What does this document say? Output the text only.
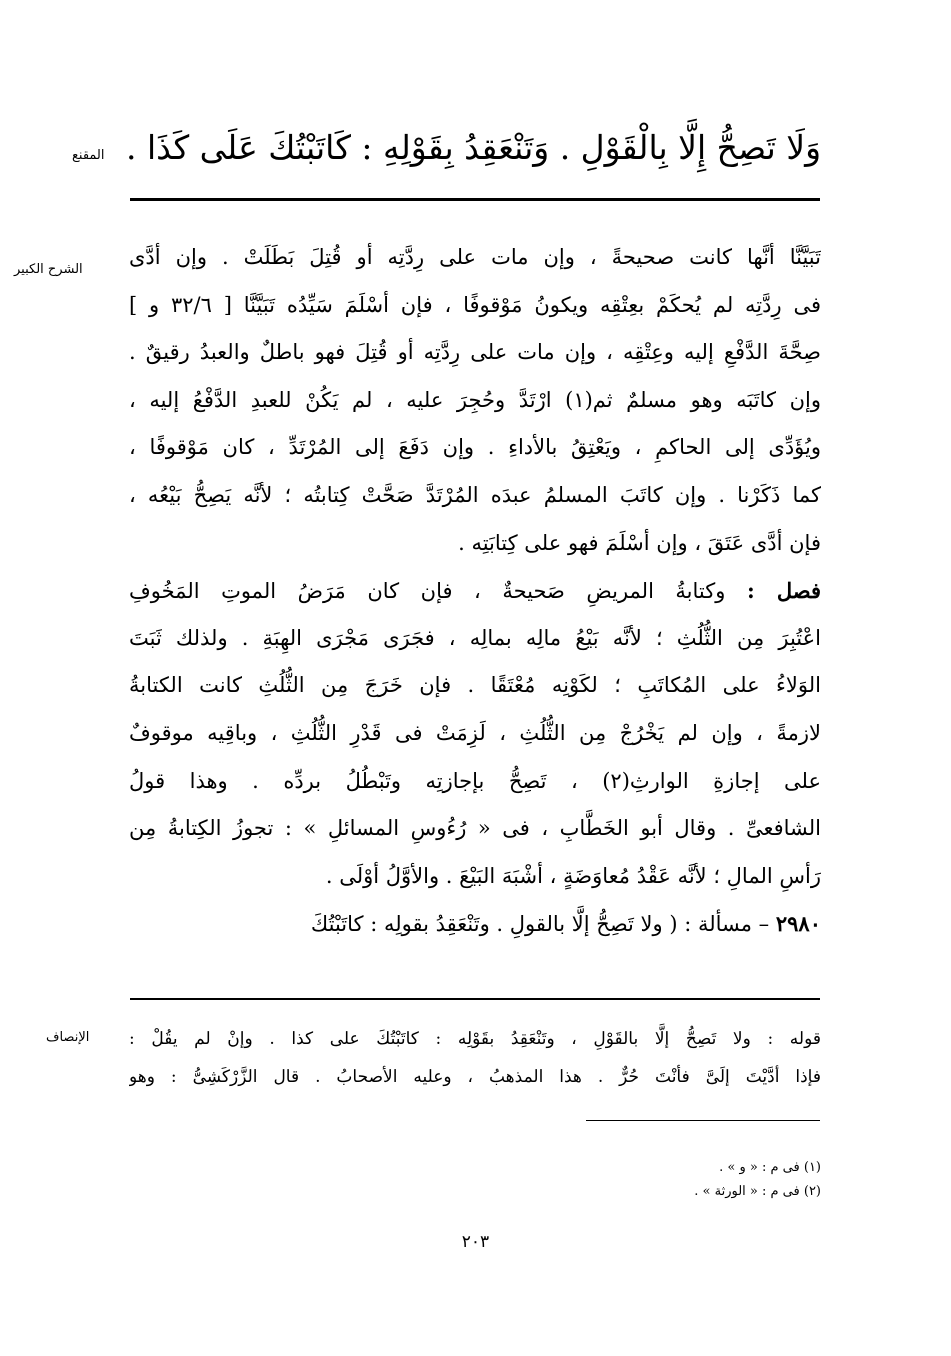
المقنع
الشرح الكبير
الإنصاف
وَلَا تَصِحُّ إِلَّا بِالْقَوْلِ . وَتَنْعَقِدُ بِقَوْلِهِ : كَاتَبْتُكَ عَلَى كَذَا .
تَبَيَّنَّا أنَّها كانت صحيحةً ، وإن مات على رِدَّتِه أو قُتِلَ بَطَلَتْ . وإن أدَّى
فى رِدَّتِه لم يُحكَمْ بعِتْقِه ويكونُ مَوْقوفًا ، فإن أسْلَمَ سَيِّدُه تَبَيَّنَّا [ ٣٢/٦ و ]
صِحَّةَ الدَّفْعِ إليه وعِتْقِه ، وإن مات على رِدَّتِه أو قُتِلَ فهو باطلٌ والعبدُ رقيقٌ .
وإن كاتَبَه وهو مسلمٌ ثم(١) ارْتَدَّ وحُجِرَ عليه ، لم يَكُنْ للعبدِ الدَّفْعُ إليه ،
ويُؤَدِّى إلى الحاكمِ ، ويَعْتِقُ بالأداءِ . وإن دَفَعَ إلى المُرْتَدِّ ، كان مَوْقوفًا ،
كما ذَكَرْنا . وإن كاتَبَ المسلمُ عبدَه المُرْتَدَّ صَحَّتْ كِتابتُه ؛ لأنَّه يَصِحُّ بَيْعُه ،
فإن أدَّى عَتَقَ ، وإن أسْلَمَ فهو على كِتابَتِه .
فصل : وكتابةُ المريضِ صَحيحةٌ ، فإن كان مَرَضُ الموتِ المَخُوفِ
اعْتُبِرَ مِن الثُّلُثِ ؛ لأنَّه بَيْعُ مالِه بمالِه ، فجَرَى مَجْرَى الهِبَةِ . ولذلك ثَبَتَ
الوَلاءُ على المُكاتَبِ ؛ لكَوْنِه مُعْتَقًا . فإن خَرَجَ مِن الثُّلُثِ كانت الكتابةُ
لازمةً ، وإن لم يَخْرُجْ مِن الثُّلُثِ ، لَزِمَتْ فى قَدْرِ الثُّلُثِ ، وباقِيه موقوفٌ
على إجازةِ الوارثِ(٢) ، تَصِحُّ بإجازتِه وتَبْطُلُ بردِّه . وهذا قولُ
الشافعىِّ . وقال أبو الخَطَّابِ ، فى « رُءُوسِ المسائلِ » : تجوزُ الكِتابةُ مِن
رَأسِ المالِ ؛ لأنَّه عَقْدُ مُعاوَضَةٍ ، أشْبَهَ البَيْعَ . والأوَّلُ أوْلَى .
٢٩٨٠ – مسألة : ( ولا تَصِحُّ إلَّا بالقولِ . وتَنْعَقِدُ بقولِه : كاتَبْتُكَ
قوله : ولا تَصِحُّ إلَّا بالقَوْلِ ، وتَنْعَقِدُ بقَوْلِه : كاتَبْتُكَ على كذا . وإنْ لم يقُلْ :
فإذا أدَّيْتَ إلَىَّ فأنْتَ حُرٌّ . هذا المذهبُ ، وعليه الأصحابُ . قال الزَّرْكَشِىُّ : وهو
(١) فى م : « و » .
(٢) فى م : « الورثة » .
٢٠٣
